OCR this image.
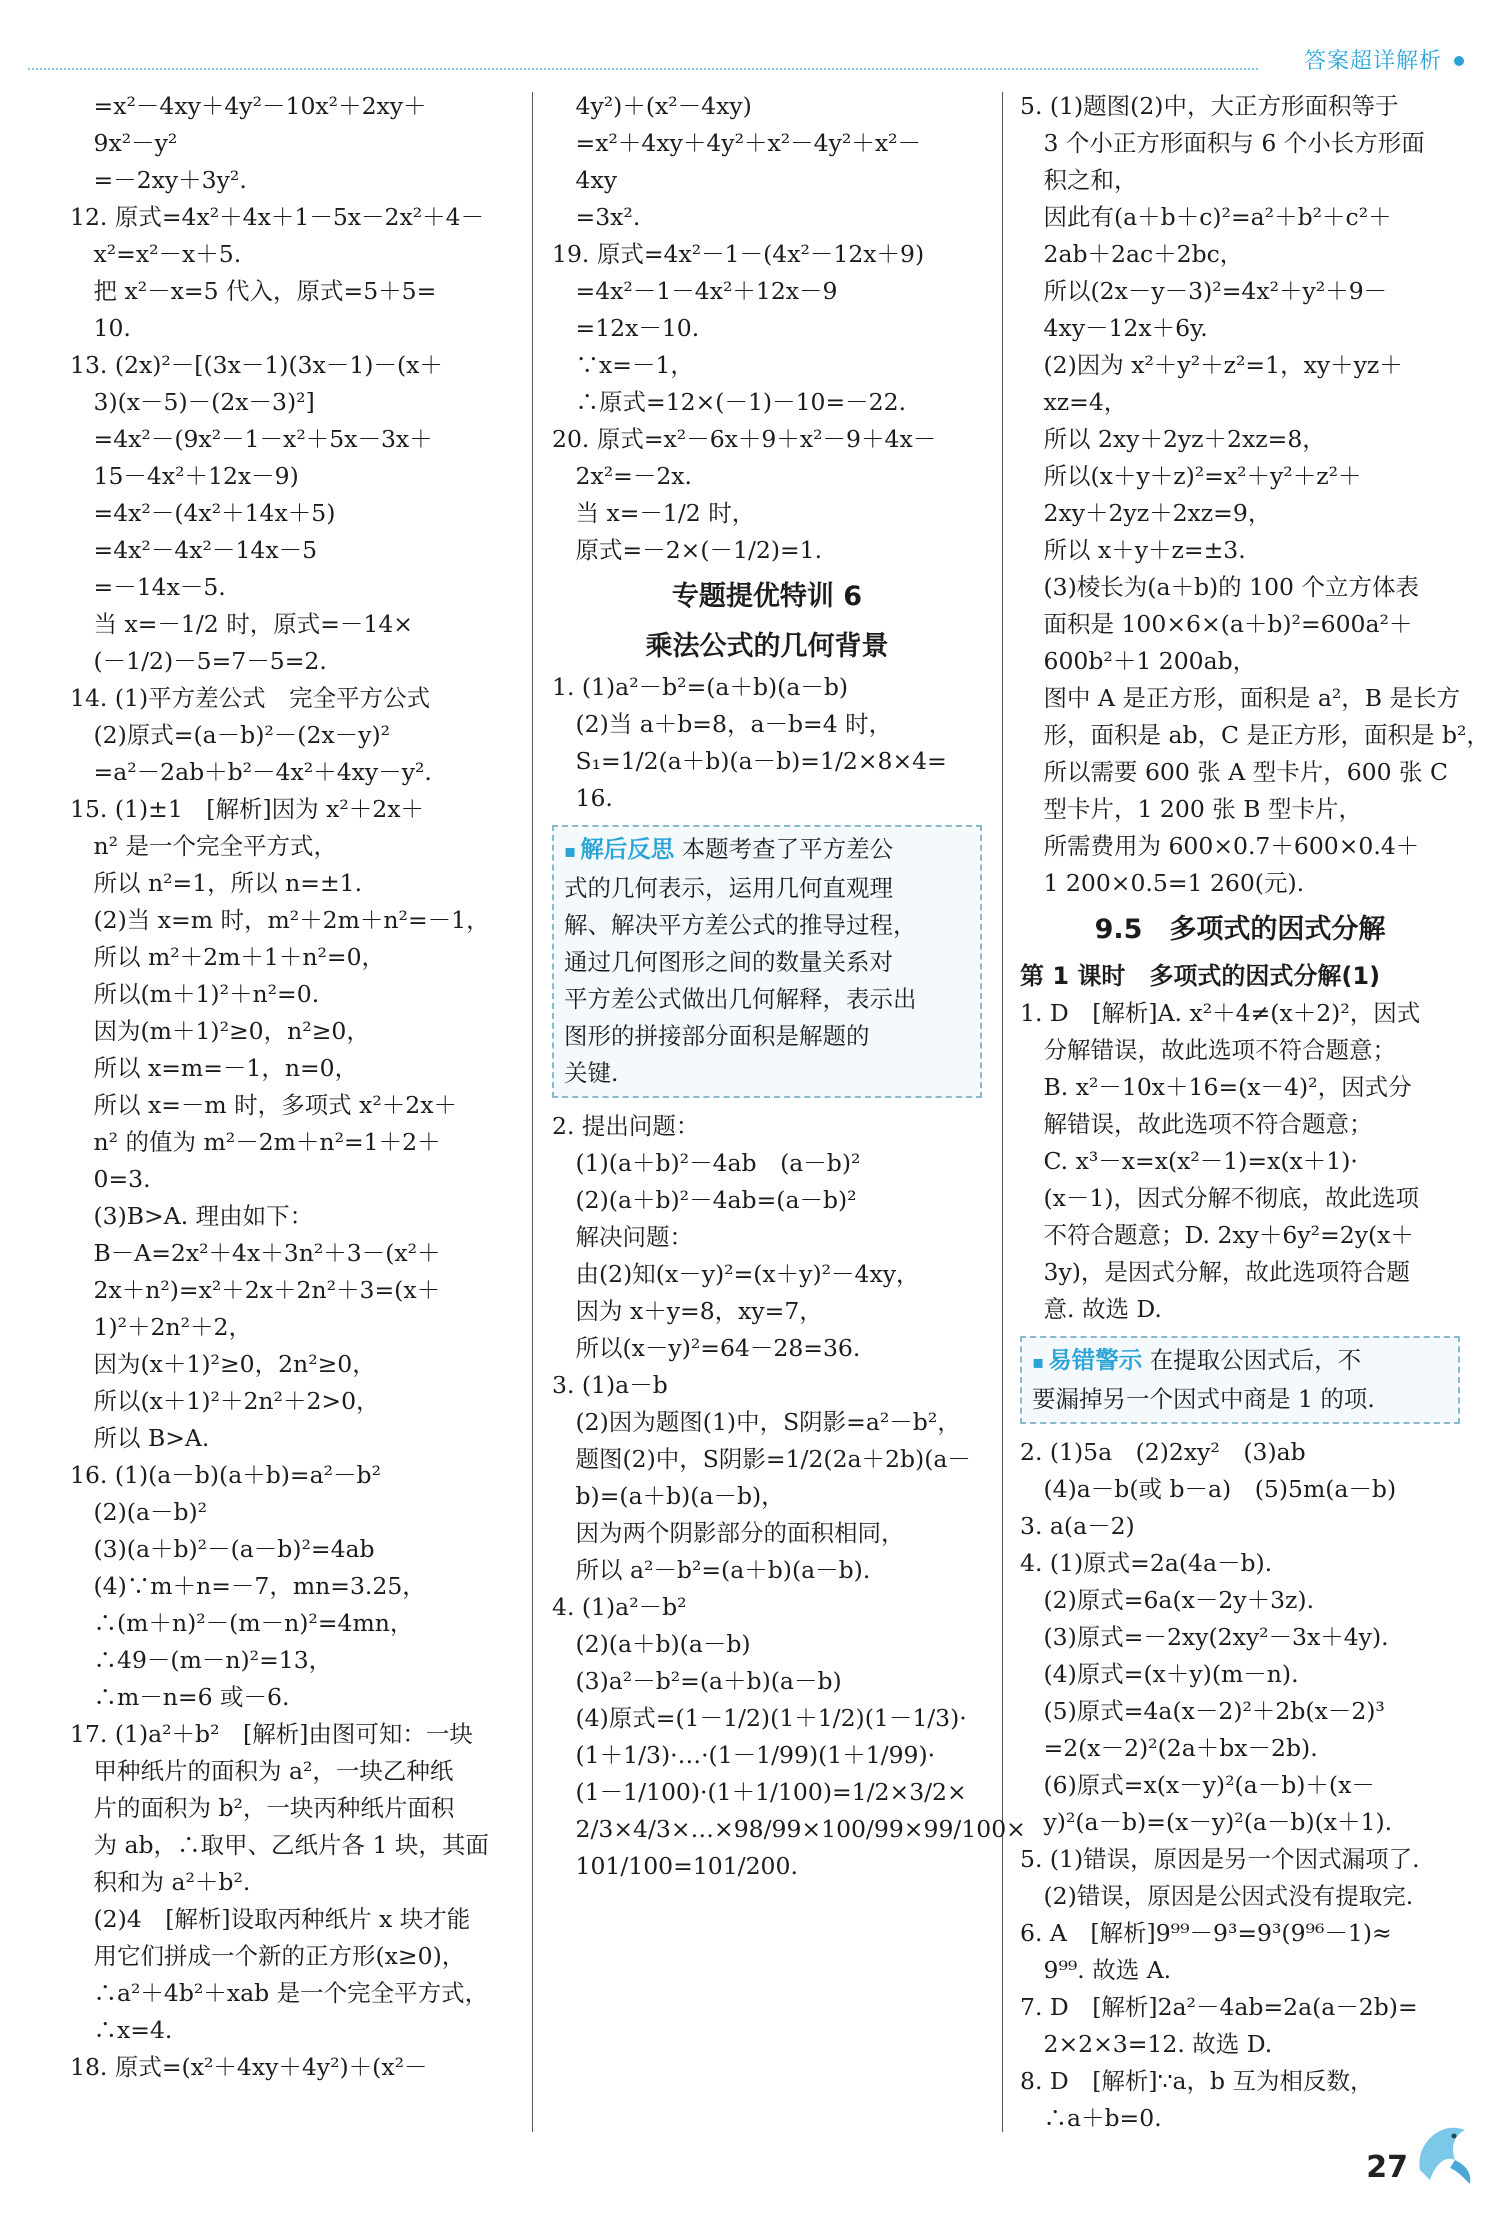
答案超详解析
　=x²－4xy＋4y²－10x²＋2xy＋
　9x²－y²
　=－2xy＋3y².
12. 原式=4x²＋4x＋1－5x－2x²＋4－
　x²=x²－x＋5.
　把 x²－x=5 代入，原式=5＋5=
　10.
13. (2x)²－[(3x－1)(3x－1)－(x＋
　3)(x－5)－(2x－3)²]
　=4x²－(9x²－1－x²＋5x－3x＋
　15－4x²＋12x－9)
　=4x²－(4x²＋14x＋5)
　=4x²－4x²－14x－5
　=－14x－5.
　当 x=－1/2 时，原式=－14×
　(－1/2)－5=7－5=2.
14. (1)平方差公式　完全平方公式
　(2)原式=(a－b)²－(2x－y)²
　=a²－2ab＋b²－4x²＋4xy－y².
15. (1)±1　[解析]因为 x²＋2x＋
　n² 是一个完全平方式，
　所以 n²=1，所以 n=±1.
　(2)当 x=m 时，m²＋2m＋n²=－1，
　所以 m²＋2m＋1＋n²=0，
　所以(m＋1)²＋n²=0.
　因为(m＋1)²≥0，n²≥0，
　所以 x=m=－1，n=0，
　所以 x=－m 时，多项式 x²＋2x＋
　n² 的值为 m²－2m＋n²=1＋2＋
　0=3.
　(3)B>A. 理由如下：
　B－A=2x²＋4x＋3n²＋3－(x²＋
　2x＋n²)=x²＋2x＋2n²＋3=(x＋
　1)²＋2n²＋2，
　因为(x＋1)²≥0，2n²≥0，
　所以(x＋1)²＋2n²＋2>0，
　所以 B>A.
16. (1)(a－b)(a＋b)=a²－b²
　(2)(a－b)²
　(3)(a＋b)²－(a－b)²=4ab
　(4)∵m＋n=－7，mn=3.25，
　∴(m＋n)²－(m－n)²=4mn，
　∴49－(m－n)²=13，
　∴m－n=6 或－6.
17. (1)a²＋b²　[解析]由图可知：一块
　甲种纸片的面积为 a²，一块乙种纸
　片的面积为 b²，一块丙种纸片面积
　为 ab，∴取甲、乙纸片各 1 块，其面
　积和为 a²＋b².
　(2)4　[解析]设取丙种纸片 x 块才能
　用它们拼成一个新的正方形(x≥0)，
　∴a²＋4b²＋xab 是一个完全平方式，
　∴x=4.
18. 原式=(x²＋4xy＋4y²)＋(x²－
　4y²)＋(x²－4xy)
　=x²＋4xy＋4y²＋x²－4y²＋x²－
　4xy
　=3x².
19. 原式=4x²－1－(4x²－12x＋9)
　=4x²－1－4x²＋12x－9
　=12x－10.
　∵x=－1，
　∴原式=12×(－1)－10=－22.
20. 原式=x²－6x＋9＋x²－9＋4x－
　2x²=－2x.
　当 x=－1/2 时，
　原式=－2×(－1/2)=1.
专题提优特训 6
乘法公式的几何背景
1. (1)a²－b²=(a＋b)(a－b)
　(2)当 a＋b=8，a－b=4 时，
　S₁=1/2(a＋b)(a－b)=1/2×8×4=
　16.
▪ 解后反思 本题考查了平方差公
式的几何表示，运用几何直观理
解、解决平方差公式的推导过程，
通过几何图形之间的数量关系对
平方差公式做出几何解释，表示出
图形的拼接部分面积是解题的
关键.
2. 提出问题：
　(1)(a＋b)²－4ab　(a－b)²
　(2)(a＋b)²－4ab=(a－b)²
　解决问题：
　由(2)知(x－y)²=(x＋y)²－4xy，
　因为 x＋y=8，xy=7，
　所以(x－y)²=64－28=36.
3. (1)a－b
　(2)因为题图(1)中，S阴影=a²－b²，
　题图(2)中，S阴影=1/2(2a＋2b)(a－
　b)=(a＋b)(a－b)，
　因为两个阴影部分的面积相同，
　所以 a²－b²=(a＋b)(a－b).
4. (1)a²－b²
　(2)(a＋b)(a－b)
　(3)a²－b²=(a＋b)(a－b)
　(4)原式=(1－1/2)(1＋1/2)(1－1/3)·
　(1＋1/3)·…·(1－1/99)(1＋1/99)·
　(1－1/100)·(1＋1/100)=1/2×3/2×
　2/3×4/3×…×98/99×100/99×99/100×
　101/100=101/200.
5. (1)题图(2)中，大正方形面积等于
　3 个小正方形面积与 6 个小长方形面
　积之和，
　因此有(a＋b＋c)²=a²＋b²＋c²＋
　2ab＋2ac＋2bc，
　所以(2x－y－3)²=4x²＋y²＋9－
　4xy－12x＋6y.
　(2)因为 x²＋y²＋z²=1，xy＋yz＋
　xz=4，
　所以 2xy＋2yz＋2xz=8，
　所以(x＋y＋z)²=x²＋y²＋z²＋
　2xy＋2yz＋2xz=9，
　所以 x＋y＋z=±3.
　(3)棱长为(a＋b)的 100 个立方体表
　面积是 100×6×(a＋b)²=600a²＋
　600b²＋1 200ab，
　图中 A 是正方形，面积是 a²，B 是长方
　形，面积是 ab，C 是正方形，面积是 b²，
　所以需要 600 张 A 型卡片，600 张 C
　型卡片，1 200 张 B 型卡片，
　所需费用为 600×0.7＋600×0.4＋
　1 200×0.5=1 260(元).
9.5　多项式的因式分解
第 1 课时　多项式的因式分解(1)
1. D　[解析]A. x²＋4≠(x＋2)²，因式
　分解错误，故此选项不符合题意；
　B. x²－10x＋16=(x－4)²，因式分
　解错误，故此选项不符合题意；
　C. x³－x=x(x²－1)=x(x＋1)·
　(x－1)，因式分解不彻底，故此选项
　不符合题意；D. 2xy＋6y²=2y(x＋
　3y)，是因式分解，故此选项符合题
　意. 故选 D.
▪ 易错警示 在提取公因式后，不
要漏掉另一个因式中商是 1 的项.
2. (1)5a　(2)2xy²　(3)ab
　(4)a－b(或 b－a)　(5)5m(a－b)
3. a(a－2)
4. (1)原式=2a(4a－b).
　(2)原式=6a(x－2y＋3z).
　(3)原式=－2xy(2xy²－3x＋4y).
　(4)原式=(x＋y)(m－n).
　(5)原式=4a(x－2)²＋2b(x－2)³
　=2(x－2)²(2a＋bx－2b).
　(6)原式=x(x－y)²(a－b)＋(x－
　y)²(a－b)=(x－y)²(a－b)(x＋1).
5. (1)错误，原因是另一个因式漏项了.
　(2)错误，原因是公因式没有提取完.
6. A　[解析]9⁹⁹－9³=9³(9⁹⁶－1)≈
　9⁹⁹. 故选 A.
7. D　[解析]2a²－4ab=2a(a－2b)=
　2×2×3=12. 故选 D.
8. D　[解析]∵a，b 互为相反数，
　∴a＋b=0.
27
